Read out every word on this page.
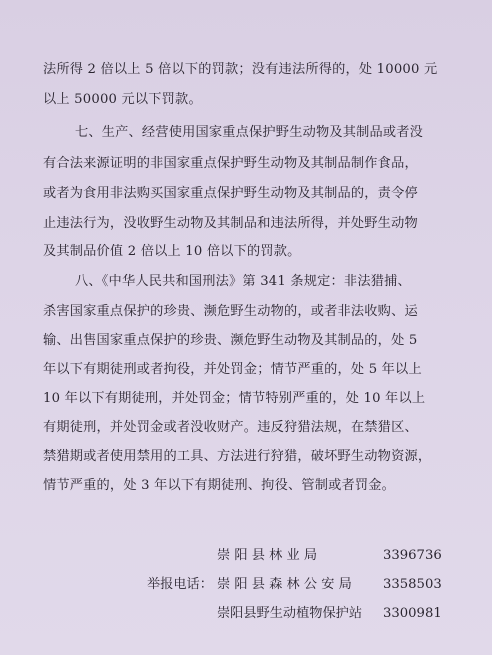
法所得 2 倍以上 5 倍以下的罚款；没有违法所得的，处 10000 元
以上 50000 元以下罚款。
七、生产、经营使用国家重点保护野生动物及其制品或者没
有合法来源证明的非国家重点保护野生动物及其制品制作食品，
或者为食用非法购买国家重点保护野生动物及其制品的，责令停
止违法行为，没收野生动物及其制品和违法所得，并处野生动物
及其制品价值 2 倍以上 10 倍以下的罚款。
八、《中华人民共和国刑法》第 341 条规定：非法猎捕、
杀害国家重点保护的珍贵、濒危野生动物的，或者非法收购、运
输、出售国家重点保护的珍贵、濒危野生动物及其制品的，处 5
年以下有期徒刑或者拘役，并处罚金；情节严重的，处 5 年以上
10 年以下有期徒刑，并处罚金；情节特别严重的，处 10 年以上
有期徒刑，并处罚金或者没收财产。违反狩猎法规，在禁猎区、
禁猎期或者使用禁用的工具、方法进行狩猎，破坏野生动物资源，
情节严重的，处 3 年以下有期徒刑、拘役、管制或者罚金。
崇 阳 县 林 业 局	3396736
举报电话： 崇 阳 县 森 林 公 安 局 3358503
崇阳县野生动植物保护站 3300981
